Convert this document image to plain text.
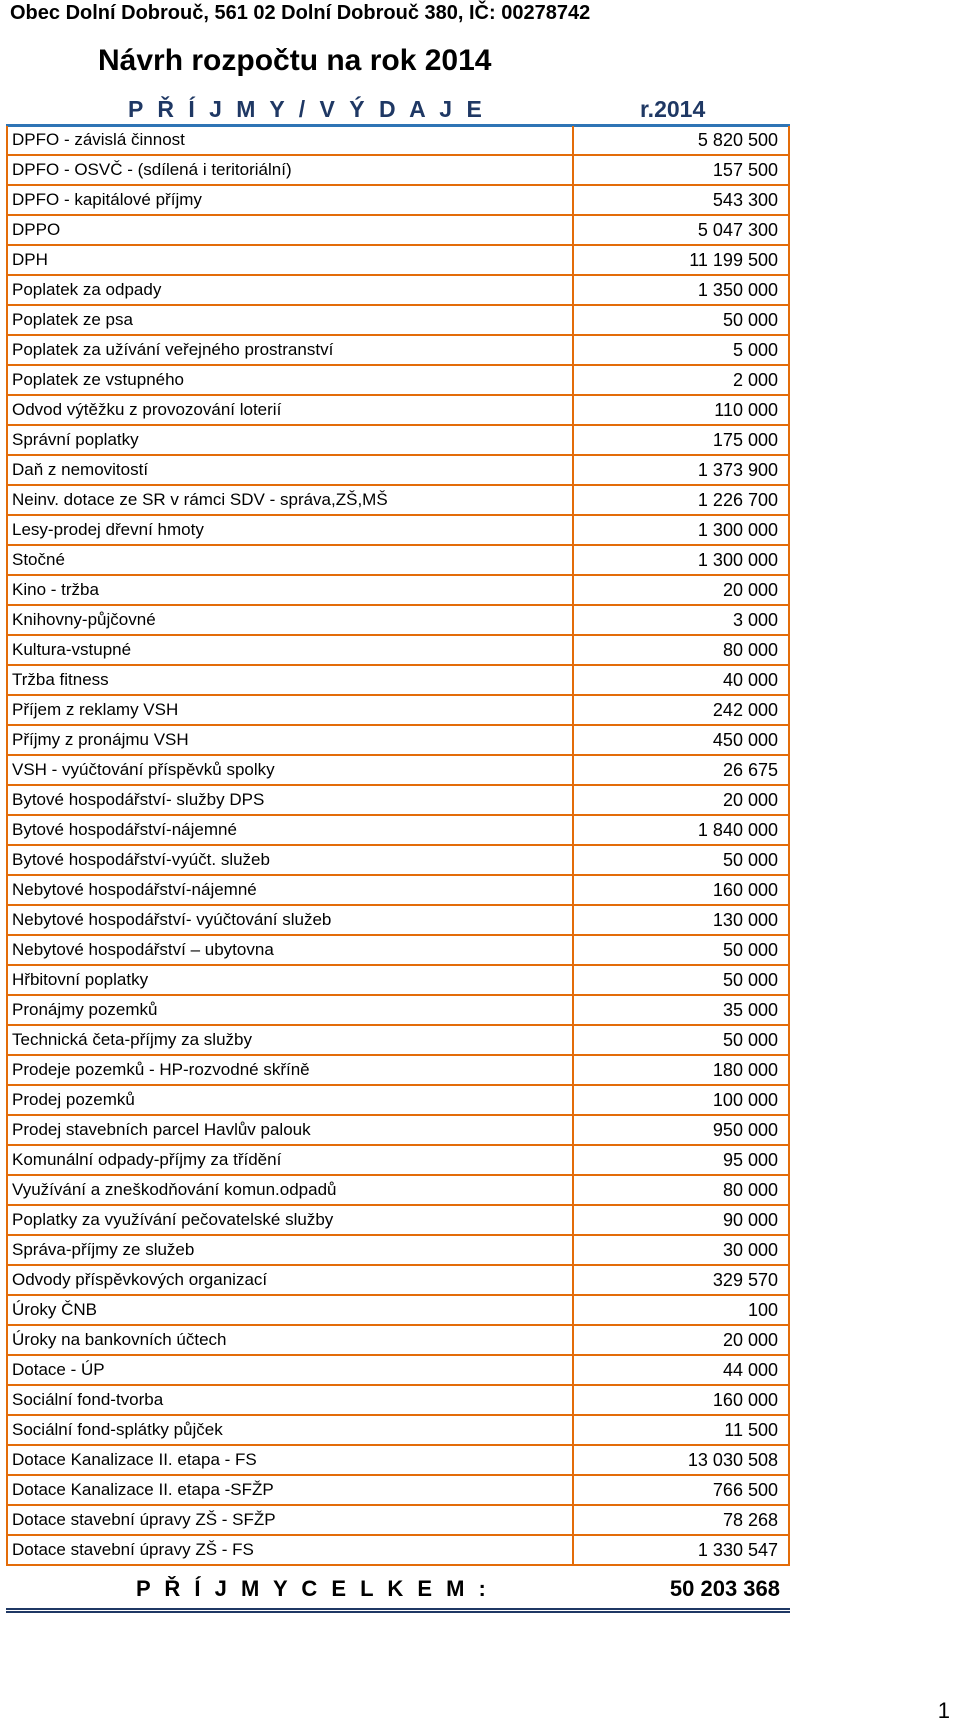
Obec Dolní Dobrouč, 561 02 Dolní Dobrouč 380, IČ: 00278742
Návrh rozpočtu na rok 2014
P Ř Í J M Y / V Ý D A J E	r.2014
DPFO - závislá činnost	5 820 500
DPFO - OSVČ - (sdílená i teritoriální)	157 500
DPFO - kapitálové příjmy	543 300
DPPO	5 047 300
DPH	11 199 500
Poplatek za odpady	1 350 000
Poplatek ze psa	50 000
Poplatek za užívání veřejného prostranství	5 000
Poplatek ze vstupného	2 000
Odvod výtěžku z provozování loterií	110 000
Správní poplatky	175 000
Daň z nemovitostí	1 373 900
Neinv. dotace ze SR v rámci SDV - správa,ZŠ,MŠ	1 226 700
Lesy-prodej dřevní hmoty	1 300 000
Stočné	1 300 000
Kino - tržba	20 000
Knihovny-půjčovné	3 000
Kultura-vstupné	80 000
Tržba fitness	40 000
Příjem z reklamy VSH	242 000
Příjmy z pronájmu VSH	450 000
VSH - vyúčtování příspěvků spolky	26 675
Bytové hospodářství- služby DPS	20 000
Bytové hospodářství-nájemné	1 840 000
Bytové hospodářství-vyúčt. služeb	50 000
Nebytové hospodářství-nájemné	160 000
Nebytové hospodářství- vyúčtování služeb	130 000
Nebytové hospodářství – ubytovna	50 000
Hřbitovní poplatky	50 000
Pronájmy pozemků	35 000
Technická četa-příjmy za služby	50 000
Prodeje pozemků - HP-rozvodné skříně	180 000
Prodej pozemků	100 000
Prodej stavebních parcel Havlův palouk	950 000
Komunální odpady-příjmy za třídění	95 000
Využívání a zneškodňování komun.odpadů	80 000
Poplatky za využívání pečovatelské služby	90 000
Správa-příjmy ze služeb	30 000
Odvody příspěvkových organizací	329 570
Úroky ČNB	100
Úroky na bankovních účtech	20 000
Dotace - ÚP	44 000
Sociální fond-tvorba	160 000
Sociální fond-splátky půjček	11 500
Dotace Kanalizace II. etapa - FS	13 030 508
Dotace Kanalizace II. etapa -SFŽP	766 500
Dotace stavební úpravy ZŠ - SFŽP	78 268
Dotace stavební úpravy ZŠ - FS	1 330 547
P Ř Í J M Y C E L K E M :	50 203 368
1
